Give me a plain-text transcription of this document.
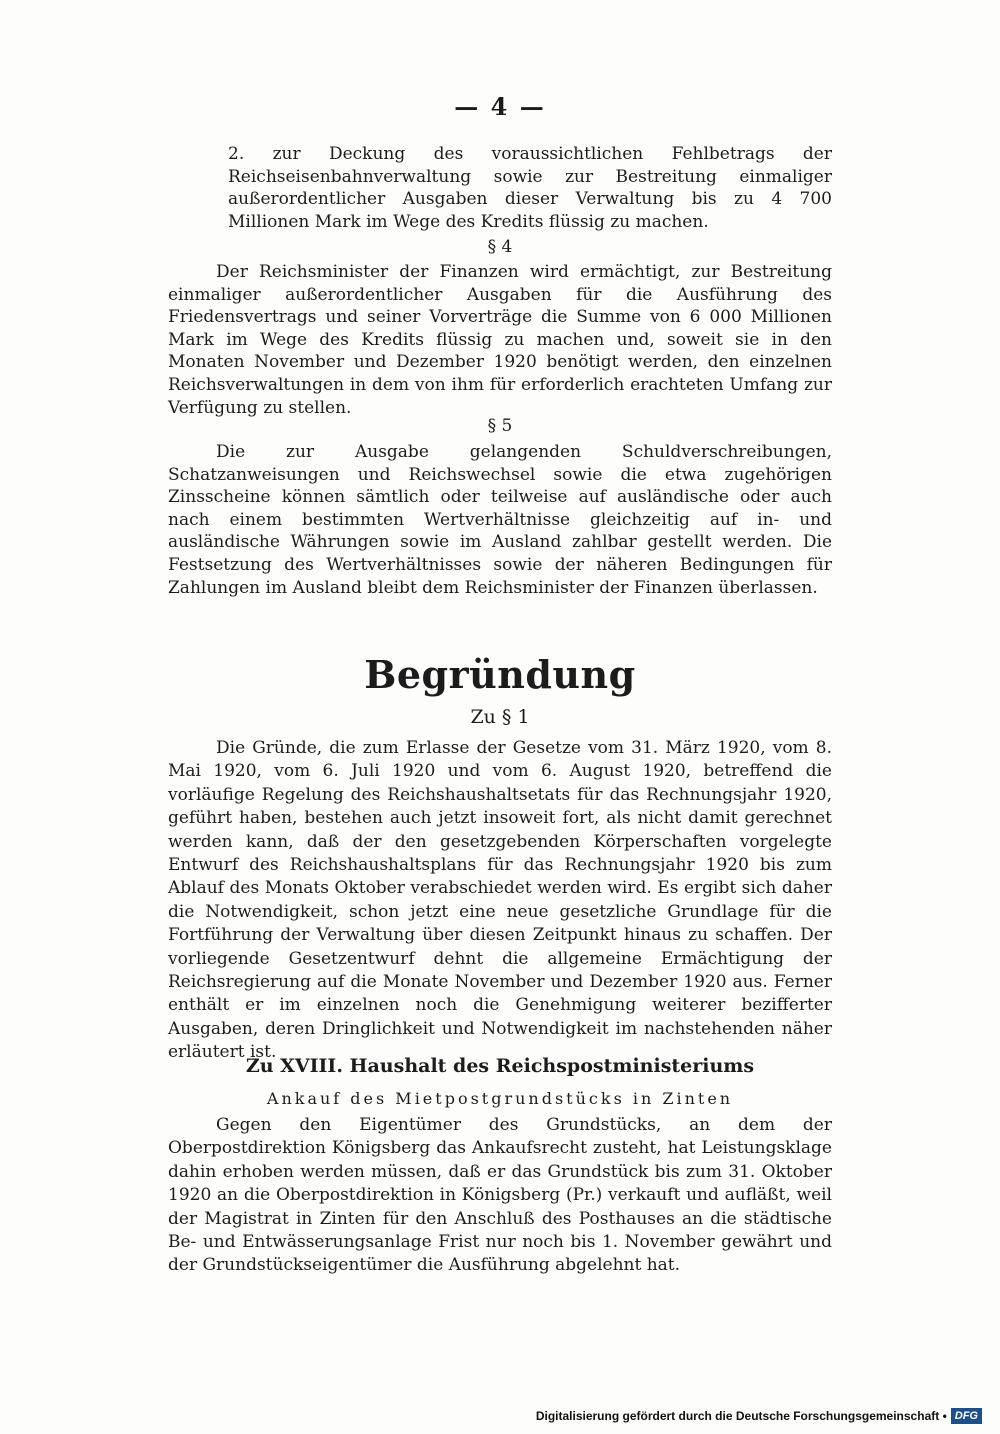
— 4 —
2. zur Deckung des voraussichtlichen Fehlbetrags der Reichseisenbahnverwaltung sowie zur Bestreitung einmaliger außerordentlicher Ausgaben dieser Verwaltung bis zu 4 700 Millionen Mark im Wege des Kredits flüssig zu machen.
§ 4
Der Reichsminister der Finanzen wird ermächtigt, zur Bestreitung einmaliger außerordentlicher Ausgaben für die Ausführung des Friedensvertrags und seiner Vorverträge die Summe von 6 000 Millionen Mark im Wege des Kredits flüssig zu machen und, soweit sie in den Monaten November und Dezember 1920 benötigt werden, den einzelnen Reichsverwaltungen in dem von ihm für erforderlich erachteten Umfang zur Verfügung zu stellen.
§ 5
Die zur Ausgabe gelangenden Schuldverschreibungen, Schatzanweisungen und Reichswechsel sowie die etwa zugehörigen Zinsscheine können sämtlich oder teilweise auf ausländische oder auch nach einem bestimmten Wertverhältnisse gleichzeitig auf in- und ausländische Währungen sowie im Ausland zahlbar gestellt werden. Die Festsetzung des Wertverhältnisses sowie der näheren Bedingungen für Zahlungen im Ausland bleibt dem Reichsminister der Finanzen überlassen.
Begründung
Zu § 1
Die Gründe, die zum Erlasse der Gesetze vom 31. März 1920, vom 8. Mai 1920, vom 6. Juli 1920 und vom 6. August 1920, betreffend die vorläufige Regelung des Reichshaushaltsetats für das Rechnungsjahr 1920, geführt haben, bestehen auch jetzt insoweit fort, als nicht damit gerechnet werden kann, daß der den gesetzgebenden Körperschaften vorgelegte Entwurf des Reichshaushaltsplans für das Rechnungsjahr 1920 bis zum Ablauf des Monats Oktober verabschiedet werden wird. Es ergibt sich daher die Notwendigkeit, schon jetzt eine neue gesetzliche Grundlage für die Fortführung der Verwaltung über diesen Zeitpunkt hinaus zu schaffen. Der vorliegende Gesetzentwurf dehnt die allgemeine Ermächtigung der Reichsregierung auf die Monate November und Dezember 1920 aus. Ferner enthält er im einzelnen noch die Genehmigung weiterer bezifferter Ausgaben, deren Dringlichkeit und Notwendigkeit im nachstehenden näher erläutert ist.
Zu XVIII. Haushalt des Reichspostministeriums
Ankauf des Mietpostgrundstücks in Zinten
Gegen den Eigentümer des Grundstücks, an dem der Oberpostdirektion Königsberg das Ankaufsrecht zusteht, hat Leistungsklage dahin erhoben werden müssen, daß er das Grundstück bis zum 31. Oktober 1920 an die Oberpostdirektion in Königsberg (Pr.) verkauft und aufläßt, weil der Magistrat in Zinten für den Anschluß des Posthauses an die städtische Be- und Entwässerungsanlage Frist nur noch bis 1. November gewährt und der Grundstückseigentümer die Ausführung abgelehnt hat.
Digitalisierung gefördert durch die Deutsche Forschungsgemeinschaft • DFG
